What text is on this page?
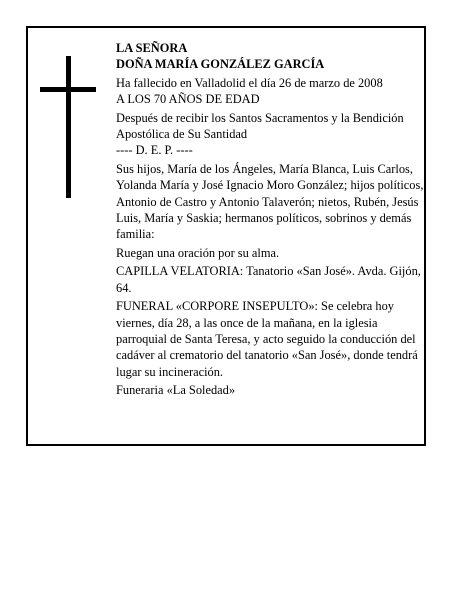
LA SEÑORA

DOÑA MARÍA GONZÁLEZ GARCÍA

Ha fallecido en Valladolid el día 26 de marzo de 2008

A LOS 70 AÑOS DE EDAD

Después de recibir los Santos Sacramentos y la Bendición Apostólica de Su Santidad

---- D. E. P. ----

Sus hijos, María de los Ángeles, María Blanca, Luis Carlos, Yolanda María y José Ignacio Moro González; hijos políticos, Antonio de Castro y Antonio Talaverón; nietos, Rubén, Jesús Luis, María y Saskia; hermanos políticos, sobrinos y demás familia:

Ruegan una oración por su alma.

CAPILLA VELATORIA: Tanatorio «San José». Avda. Gijón, 64.

FUNERAL «CORPORE INSEPULTO»: Se celebra hoy viernes, día 28, a las once de la mañana, en la iglesia parroquial de Santa Teresa, y acto seguido la conducción del cadáver al crematorio del tanatorio «San José», donde tendrá lugar su incineración.

Funeraria «La Soledad»
